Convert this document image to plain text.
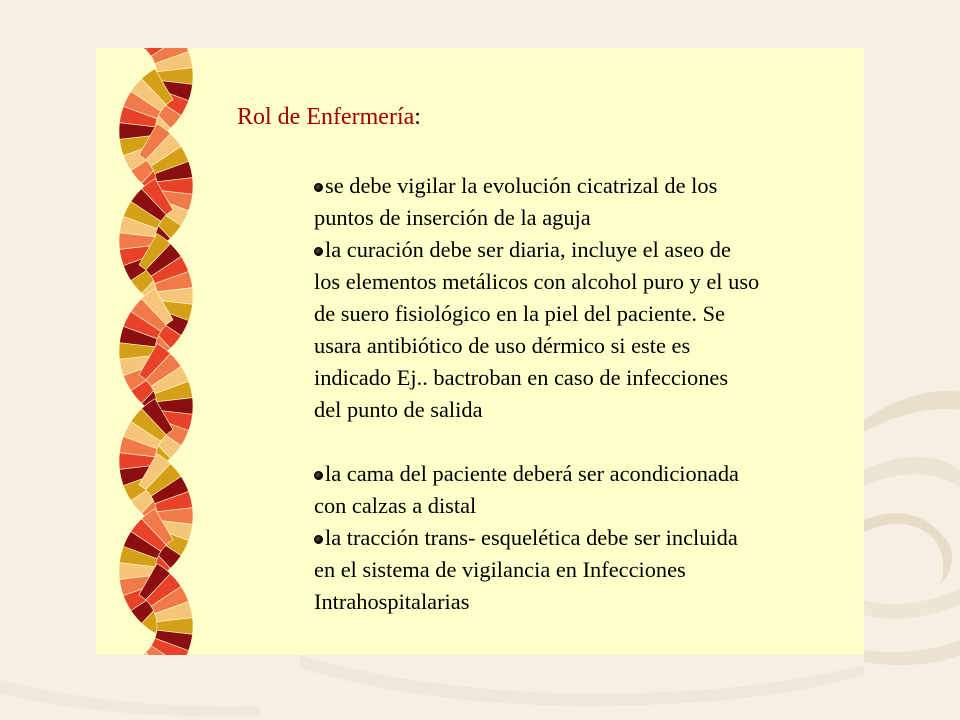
Rol de Enfermería:
se debe vigilar la evolución cicatrizal de los

puntos de inserción de la aguja
la curación debe ser diaria, incluye el aseo de

los elementos metálicos con alcohol puro y el uso
de suero fisiológico en la piel del paciente. Se
usara antibiótico de uso dérmico si este es
indicado Ej.. bactroban en caso de infecciones
del punto de salida
la cama del paciente deberá ser acondicionada

con calzas a distal
la tracción trans- esquelética debe ser incluida

en el sistema de vigilancia en Infecciones
Intrahospitalarias
